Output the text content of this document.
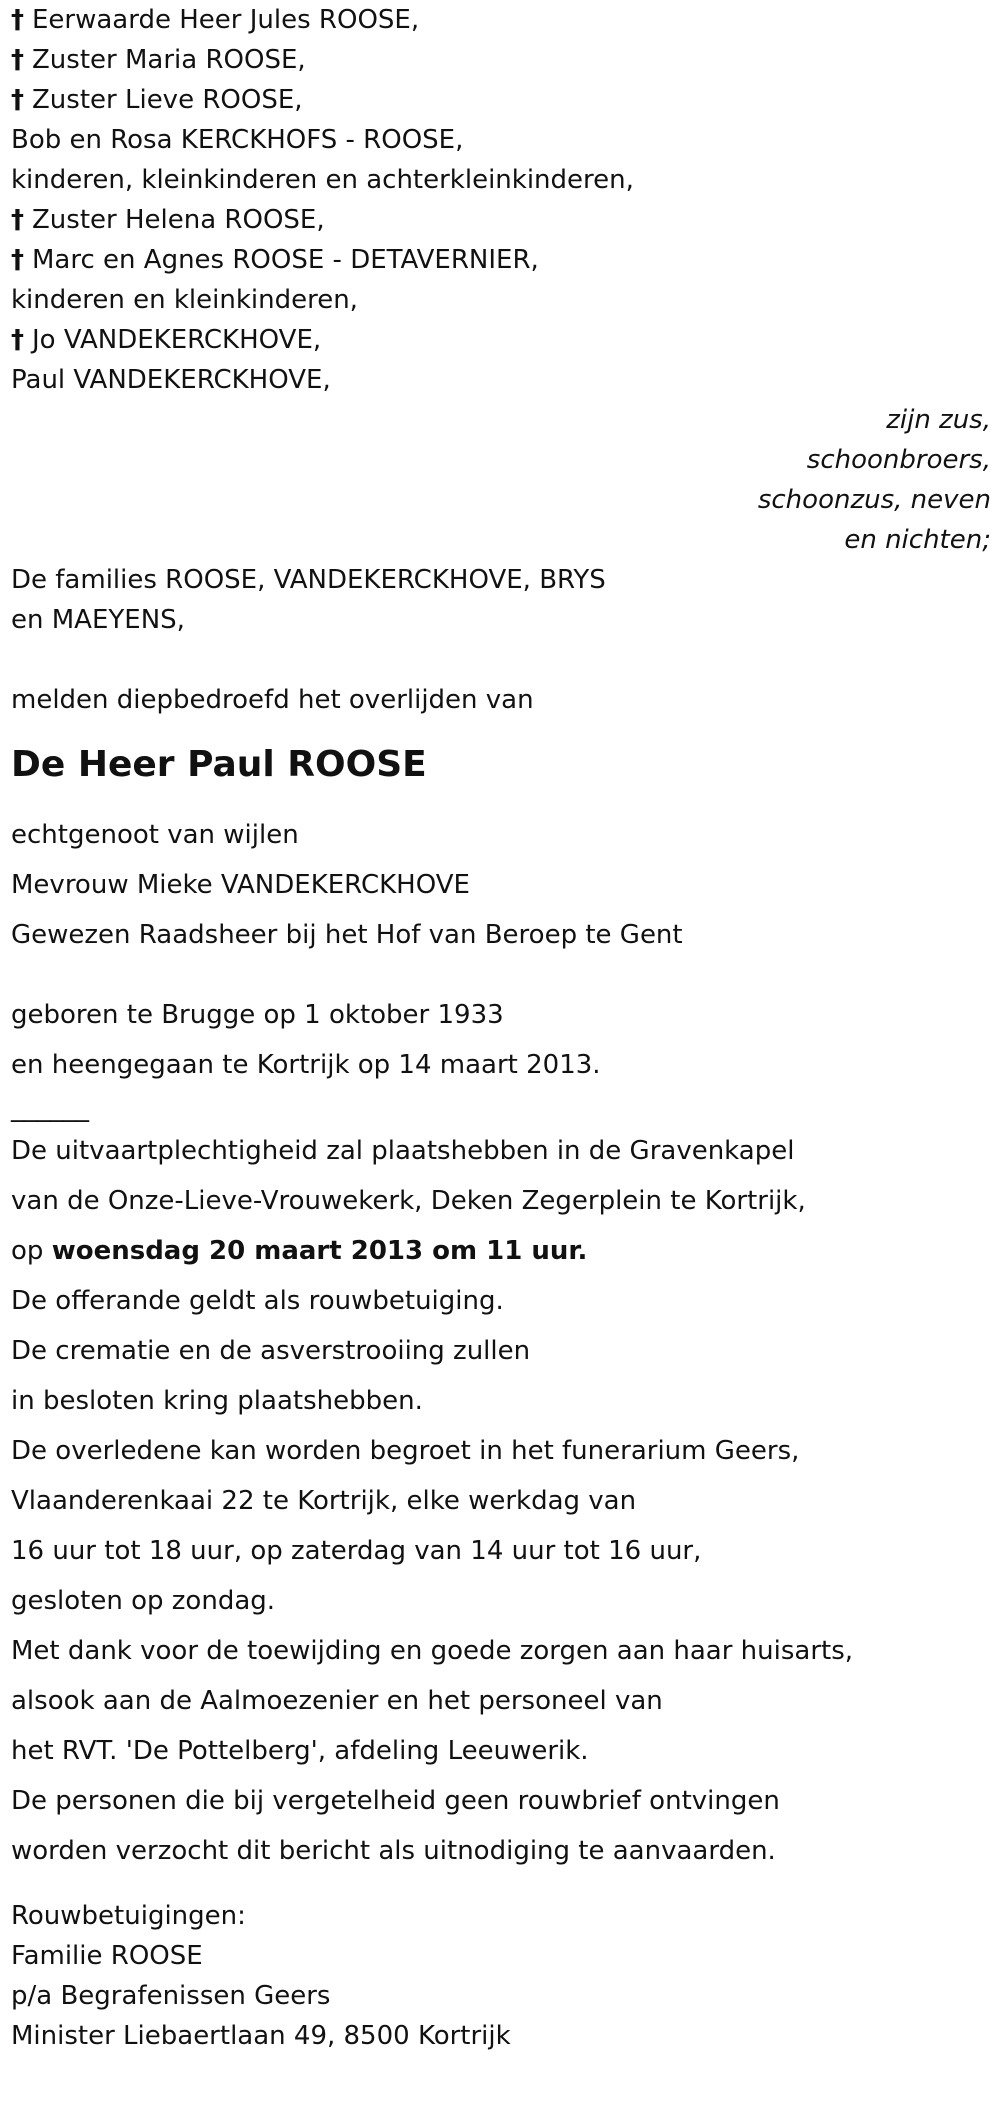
† Eerwaarde Heer Jules ROOSE,
† Zuster Maria ROOSE,
† Zuster Lieve ROOSE,
Bob en Rosa KERCKHOFS - ROOSE,
kinderen, kleinkinderen en achterkleinkinderen,
† Zuster Helena ROOSE,
† Marc en Agnes ROOSE - DETAVERNIER,
kinderen en kleinkinderen,
† Jo VANDEKERCKHOVE,
Paul VANDEKERCKHOVE,
zijn zus,
schoonbroers,
schoonzus, neven
en nichten;
De families ROOSE, VANDEKERCKHOVE, BRYS
en MAEYENS,
melden diepbedroefd het overlijden van
De Heer Paul ROOSE
echtgenoot van wijlen
Mevrouw Mieke VANDEKERCKHOVE
Gewezen Raadsheer bij het Hof van Beroep te Gent
geboren te Brugge op 1 oktober 1933
en heengegaan te Kortrijk op 14 maart 2013.
______
De uitvaartplechtigheid zal plaatshebben in de Gravenkapel
van de Onze-Lieve-Vrouwekerk, Deken Zegerplein te Kortrijk,
op woensdag 20 maart 2013 om 11 uur.
De offerande geldt als rouwbetuiging.
De crematie en de asverstrooiing zullen
in besloten kring plaatshebben.
De overledene kan worden begroet in het funerarium Geers,
Vlaanderenkaai 22 te Kortrijk, elke werkdag van
16 uur tot 18 uur, op zaterdag van 14 uur tot 16 uur,
gesloten op zondag.
Met dank voor de toewijding en goede zorgen aan haar huisarts,
alsook aan de Aalmoezenier en het personeel van
het RVT. 'De Pottelberg', afdeling Leeuwerik.
De personen die bij vergetelheid geen rouwbrief ontvingen
worden verzocht dit bericht als uitnodiging te aanvaarden.
Rouwbetuigingen:
Familie ROOSE
p/a Begrafenissen Geers
Minister Liebaertlaan 49, 8500 Kortrijk
